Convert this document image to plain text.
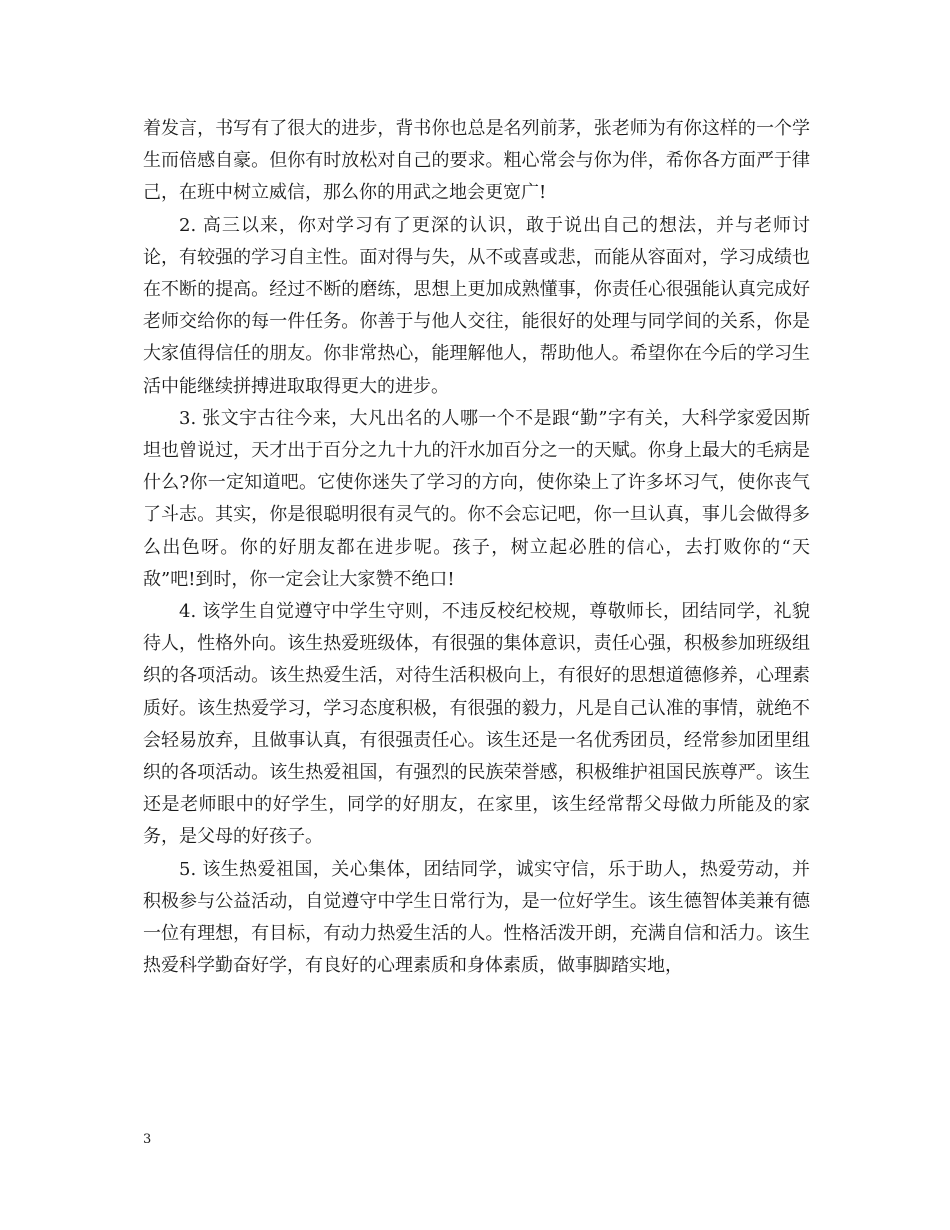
着发言，书写有了很大的进步，背书你也总是名列前茅，张老师为有你这样的一个学生而倍感自豪。但你有时放松对自己的要求。粗心常会与你为伴，希你各方面严于律己，在班中树立威信，那么你的用武之地会更宽广!

2. 高三以来，你对学习有了更深的认识，敢于说出自己的想法，并与老师讨论，有较强的学习自主性。面对得与失，从不或喜或悲，而能从容面对，学习成绩也在不断的提高。经过不断的磨练，思想上更加成熟懂事，你责任心很强能认真完成好老师交给你的每一件任务。你善于与他人交往，能很好的处理与同学间的关系，你是大家值得信任的朋友。你非常热心，能理解他人，帮助他人。希望你在今后的学习生活中能继续拼搏进取取得更大的进步。

3. 张文宇古往今来，大凡出名的人哪一个不是跟“勤”字有关，大科学家爱因斯坦也曾说过，天才出于百分之九十九的汗水加百分之一的天赋。你身上最大的毛病是什么?你一定知道吧。它使你迷失了学习的方向，使你染上了许多坏习气，使你丧气了斗志。其实，你是很聪明很有灵气的。你不会忘记吧，你一旦认真，事儿会做得多么出色呀。你的好朋友都在进步呢。孩子，树立起必胜的信心，去打败你的“天敌”吧!到时，你一定会让大家赞不绝口!

4. 该学生自觉遵守中学生守则，不违反校纪校规，尊敬师长，团结同学，礼貌待人，性格外向。该生热爱班级体，有很强的集体意识，责任心强，积极参加班级组织的各项活动。该生热爱生活，对待生活积极向上，有很好的思想道德修养，心理素质好。该生热爱学习，学习态度积极，有很强的毅力，凡是自己认准的事情，就绝不会轻易放弃，且做事认真，有很强责任心。该生还是一名优秀团员，经常参加团里组织的各项活动。该生热爱祖国，有强烈的民族荣誉感，积极维护祖国民族尊严。该生还是老师眼中的好学生，同学的好朋友，在家里，该生经常帮父母做力所能及的家务，是父母的好孩子。

5. 该生热爱祖国，关心集体，团结同学，诚实守信，乐于助人，热爱劳动，并积极参与公益活动，自觉遵守中学生日常行为，是一位好学生。该生德智体美兼有德一位有理想，有目标，有动力热爱生活的人。性格活泼开朗，充满自信和活力。该生热爱科学勤奋好学，有良好的心理素质和身体素质，做事脚踏实地，

3
